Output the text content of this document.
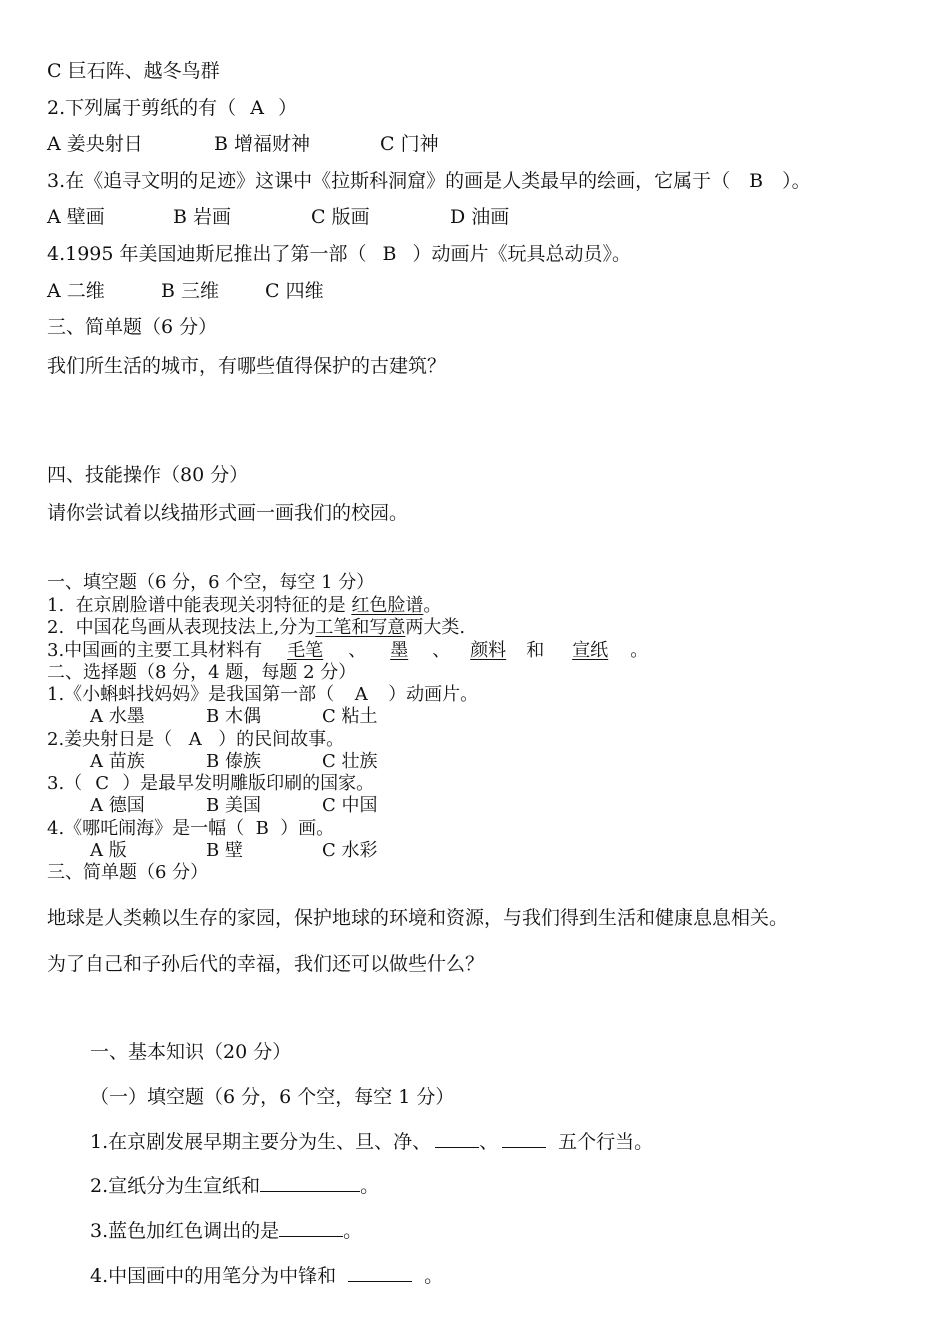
C 巨石阵、越冬鸟群
2.下列属于剪纸的有（ A ）
A 姜央射日	B 增福财神	C 门神
3.在《追寻文明的足迹》这课中《拉斯科洞窟》的画是人类最早的绘画，它属于（ B ）。
A 壁画	B 岩画	C 版画	D 油画
4.1995 年美国迪斯尼推出了第一部（ B ）动画片《玩具总动员》。
A 二维	B 三维 C 四维
三、简单题（6 分）
我们所生活的城市，有哪些值得保护的古建筑？
四、技能操作（80 分）
请你尝试着以线描形式画一画我们的校园。
一、填空题（6 分，6 个空，每空 1 分）
1.  在京剧脸谱中能表现关羽特征的是 红色脸谱。
2.  中国花鸟画从表现技法上,分为工笔和写意两大类.
3.中国画的主要工具材料有 毛笔 、 墨 、 颜料 和 宣纸 。
二、选择题（8 分，4 题，每题 2 分）
1.《小蝌蚪找妈妈》是我国第一部（ A ）动画片。
A 水墨	B 木偶	C 粘土
2.姜央射日是（ A ）的民间故事。
A 苗族	B 傣族	C 壮族
3.（ C ）是最早发明雕版印刷的国家。
A 德国	B 美国	C 中国
4.《哪吒闹海》是一幅（ B ）画。
A 版	B 壁	C 水彩
三、简单题（6 分）
地球是人类赖以生存的家园，保护地球的环境和资源，与我们得到生活和健康息息相关。
为了自己和子孙后代的幸福，我们还可以做些什么？
一、基本知识（20 分）
（一）填空题（6 分，6 个空，每空 1 分）
1.在京剧发展早期主要分为生、旦、净、	、	五个行当。
2.宣纸分为生宣纸和	。
3.蓝色加红色调出的是	。
4.中国画中的用笔分为中锋和	。
